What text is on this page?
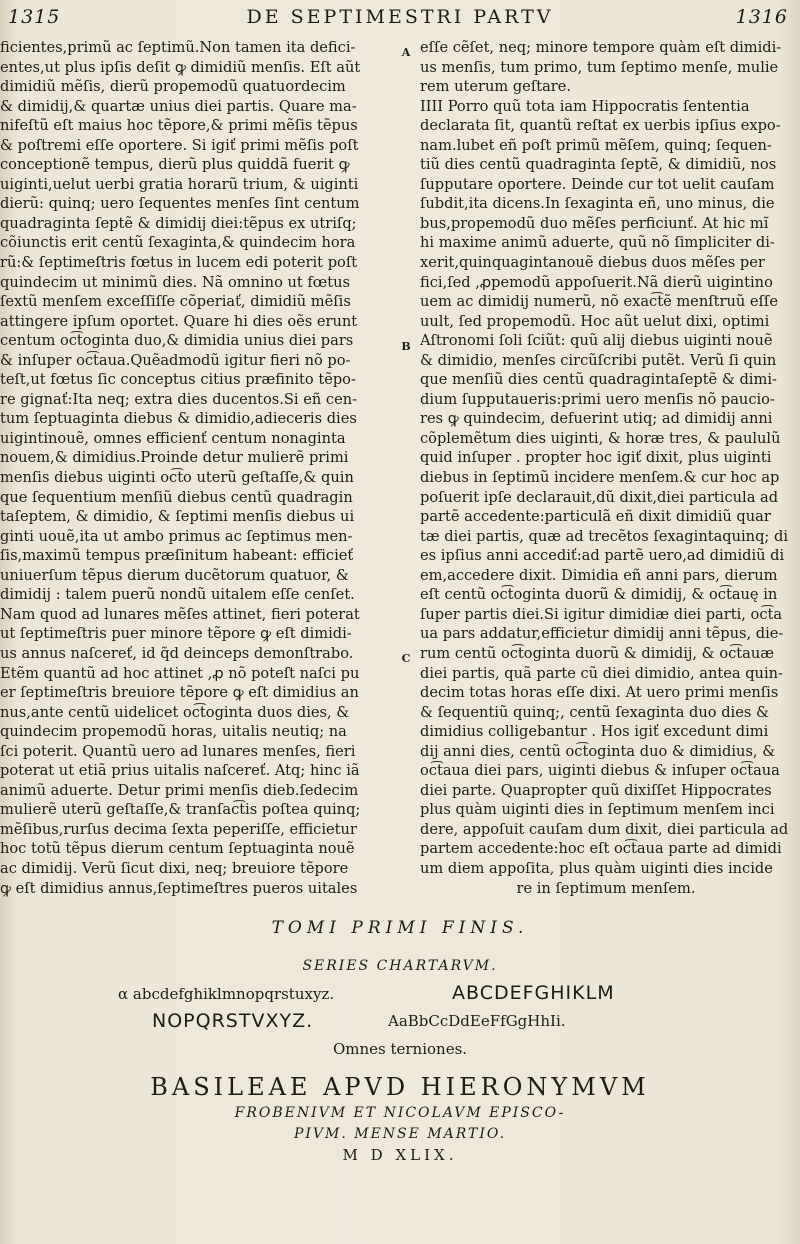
1315	DE SEPTIMESTRI PARTV	1316
ficientes,primũ ac ſeptimũ.Non tamen ita defici-
entes,ut plus ipſis deſit ꝙ dimidiũ menſis. Eſt aũt
dimidiũ mẽſis, dierũ propemodũ quatuordecim
& dimidij,& quartæ unius diei partis. Quare ma-
nifeſtũ eſt maius hoc tẽpore,& primi mẽſis tẽpus
& poſtremi eſſe oportere. Si igiť primi mẽſis poſt
conceptionẽ tempus, dierũ plus quiddã fuerit ꝙ
uiginti,uelut uerbi gratia horarũ trium, & uiginti
dierũ: quinq; uero ſequentes menſes ſint centum
quadraginta ſeptẽ & dimidij diei:tẽpus ex utriſq;
cõiunctis erit centũ ſexaginta,& quindecim hora
rũ:& ſeptimeſtris fœtus in lucem edi poterit poſt
quindecim ut minimũ dies. Nã omnino ut fœtus
ſextũ menſem exceſſiſſe cõperiať, dimidiũ mẽſis
attingere ipſum oportet. Quare hi dies oẽs erunt
centum oc͡toginta duo,& dimidia unius diei pars
& inſuper oc͡taua.Quẽadmodũ igitur fieri nõ po-
teſt,ut fœtus ſic conceptus citius præfinito tẽpo-
re gignať:Ita neq; extra dies ducentos.Si eñ cen-
tum ſeptuaginta diebus & dimidio,adieceris dies
uigintinouẽ, omnes efficienť centum nonaginta
nouem,& dimidius.Proinde detur mulierẽ primi
menſis diebus uiginti oc͡to uterũ geſtaſſe,& quin
que ſequentium menſiũ diebus centũ quadragin
taſeptem, & dimidio, & ſeptimi menſis diebus ui
ginti uouẽ,ita ut ambo primus ac ſeptimus men-
ſis,maximũ tempus præſinitum habeant: efficieť
uniuerſum tẽpus dierum ducẽtorum quatuor, &
dimidij : talem puerũ nondũ uitalem eſſe cenſet.
Nam quod ad lunares mẽſes attinet, fieri poterat
ut ſeptimeſtris puer minore tẽpore ꝙ eſt dimidi-
us annus naſcereť, id q̃d deinceps demonſtrabo.
Etẽm quantũ ad hoc attinet ,ꝓ nõ poteſt naſci pu
er ſeptimeſtris breuiore tẽpore ꝙ eſt dimidius an
nus,ante centũ uidelicet oc͡toginta duos dies, &
quindecim propemodũ horas, uitalis neutiq; na
ſci poterit. Quantũ uero ad lunares menſes, fieri
poterat ut etiã prius uitalis naſcereť. Atq; hinc iã
animũ aduerte. Detur primi menſis dieb.ſedecim
mulierẽ uterũ geſtaſſe,& tranſac͡tis poſtea quinq;
mẽſibus,rurſus decima ſexta peperiſſe, efficietur
hoc totũ tẽpus dierum centum ſeptuaginta nouẽ
ac dimidij. Verũ ſicut dixi, neq; breuiore tẽpore
ꝙ eſt dimidius annus,ſeptimeſtres pueros uitales
A
B
C
eſſe cẽſet, neq; minore tempore quàm eſt dimidi-
us menſis, tum primo, tum ſeptimo menſe, mulie
rem uterum geſtare.
IIII Porro quũ tota iam Hippocratis ſententia
declarata ſit, quantũ reſtat ex uerbis ipſius expo-
nam.lubet eñ poſt primũ mẽſem, quinq; ſequen-
tiũ dies centũ quadraginta ſeptẽ, & dimidiũ, nos
ſupputare oportere. Deinde cur tot uelit cauſam
ſubdit,ita dicens.In ſexaginta eñ, uno minus, die
bus,propemodũ duo mẽſes perficiunť. At hic mĩ
hi maxime animũ aduerte, quũ nõ ſimpliciter di-
xerit,quinquagintanouẽ diebus duos mẽſes per
fici,ſed ,ꝓpemodũ appoſuerit.Nã dierũ uigintino
uem ac dimidij numerũ, nõ exac͡tẽ menſtruũ eſſe
uult, ſed propemodũ. Hoc aũt uelut dixi, optimi
Aſtronomi ſoli ſciũt: quũ alij diebus uiginti nouẽ
& dimidio, menſes circũſcribi putẽt. Verũ ſi quin
que menſiũ dies centũ quadragintaſeptẽ & dimi-
dium ſupputaueris:primi uero menſis nõ paucio-
res ꝙ quindecim, defuerint utiq; ad dimidij anni
cõplemẽtum dies uiginti, & horæ tres, & paululũ
quid inſuper . propter hoc igiť dixit, plus uiginti
diebus in ſeptimũ incidere menſem.& cur hoc ap
poſuerit ipſe declarauit,dũ dixit,diei particula ad
partẽ accedente:particulã eñ dixit dimidiũ quar
tæ diei partis, quæ ad trecẽtos ſexagintaquinq; di
es ipſius anni accediť:ad partẽ uero,ad dimidiũ di
em,accedere dixit. Dimidia eñ anni pars, dierum
eſt centũ oc͡toginta duorũ & dimidij, & oc͡tauę in
ſuper partis diei.Si igitur dimidiæ diei parti, oc͡ta
ua pars addatur,efficietur dimidij anni tẽpus, die-
rum centũ oc͡toginta duorũ & dimidij, & oc͡tauæ
diei partis, quã parte cũ diei dimidio, antea quin-
decim totas horas eſſe dixi. At uero primi menſis
& ſequentiũ quinq;, centũ ſexaginta duo dies &
dimidius colligebantur . Hos igiť excedunt dimi
dij anni dies, centũ oc͡toginta duo & dimidius, &
oc͡taua diei pars, uiginti diebus & inſuper oc͡taua
diei parte. Quapropter quũ dixiſſet Hippocrates
plus quàm uiginti dies in ſeptimum menſem inci
dere, appoſuit cauſam dum dixit, diei particula ad
partem accedente:hoc eſt oc͡taua parte ad dimidi
um diem appoſita, plus quàm uiginti dies incide
re in ſeptimum menſem.
TOMI PRIMI FINIS.
SERIES CHARTARVM.
α abcdefghiklmnopqrstuxyz.	ABCDEFGHIKLM
NOPQRSTVXYZ.	AaBbCcDdEeFfGgHhIi.
Omnes terniones.
BASILEAE APVD HIERONYMVM
FROBENIVM ET NICOLAVM EPISCO-
PIVM. MENSE MARTIO.
M D XLIX.
